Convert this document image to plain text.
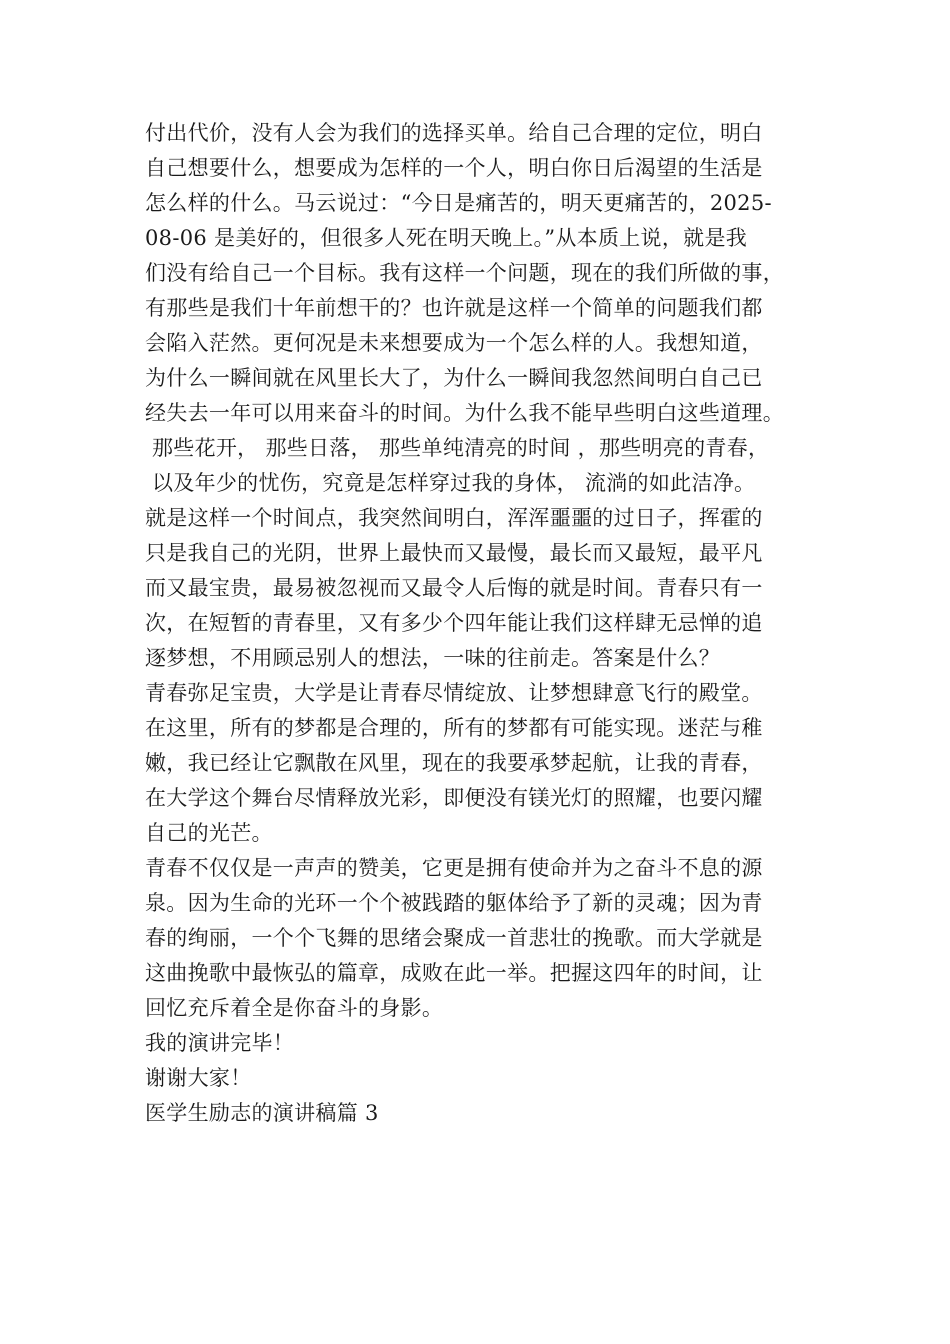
付出代价，没有人会为我们的选择买单。给自己合理的定位，明白
自己想要什么，想要成为怎样的一个人，明白你日后渴望的生活是
怎么样的什么。马云说过：“今日是痛苦的，明天更痛苦的，2025-
08-06 是美好的，但很多人死在明天晚上。”从本质上说，就是我
们没有给自己一个目标。我有这样一个问题，现在的我们所做的事，
有那些是我们十年前想干的？也许就是这样一个简单的问题我们都
会陷入茫然。更何况是未来想要成为一个怎么样的人。我想知道，
为什么一瞬间就在风里长大了，为什么一瞬间我忽然间明白自己已
经失去一年可以用来奋斗的时间。为什么我不能早些明白这些道理。
那些花开， 那些日落， 那些单纯清亮的时间 ，那些明亮的青春，
以及年少的忧伤，究竟是怎样穿过我的身体， 流淌的如此洁净。
就是这样一个时间点，我突然间明白，浑浑噩噩的过日子，挥霍的
只是我自己的光阴，世界上最快而又最慢，最长而又最短，最平凡
而又最宝贵，最易被忽视而又最令人后悔的就是时间。青春只有一
次，在短暂的青春里，又有多少个四年能让我们这样肆无忌惮的追
逐梦想，不用顾忌别人的想法，一味的往前走。答案是什么？
青春弥足宝贵，大学是让青春尽情绽放、让梦想肆意飞行的殿堂。
在这里，所有的梦都是合理的，所有的梦都有可能实现。迷茫与稚
嫩，我已经让它飘散在风里，现在的我要承梦起航，让我的青春，
在大学这个舞台尽情释放光彩，即便没有镁光灯的照耀，也要闪耀
自己的光芒。
青春不仅仅是一声声的赞美，它更是拥有使命并为之奋斗不息的源
泉。因为生命的光环一个个被践踏的躯体给予了新的灵魂；因为青
春的绚丽，一个个飞舞的思绪会聚成一首悲壮的挽歌。而大学就是
这曲挽歌中最恢弘的篇章，成败在此一举。把握这四年的时间，让
回忆充斥着全是你奋斗的身影。
我的演讲完毕！
谢谢大家！
医学生励志的演讲稿篇 3
